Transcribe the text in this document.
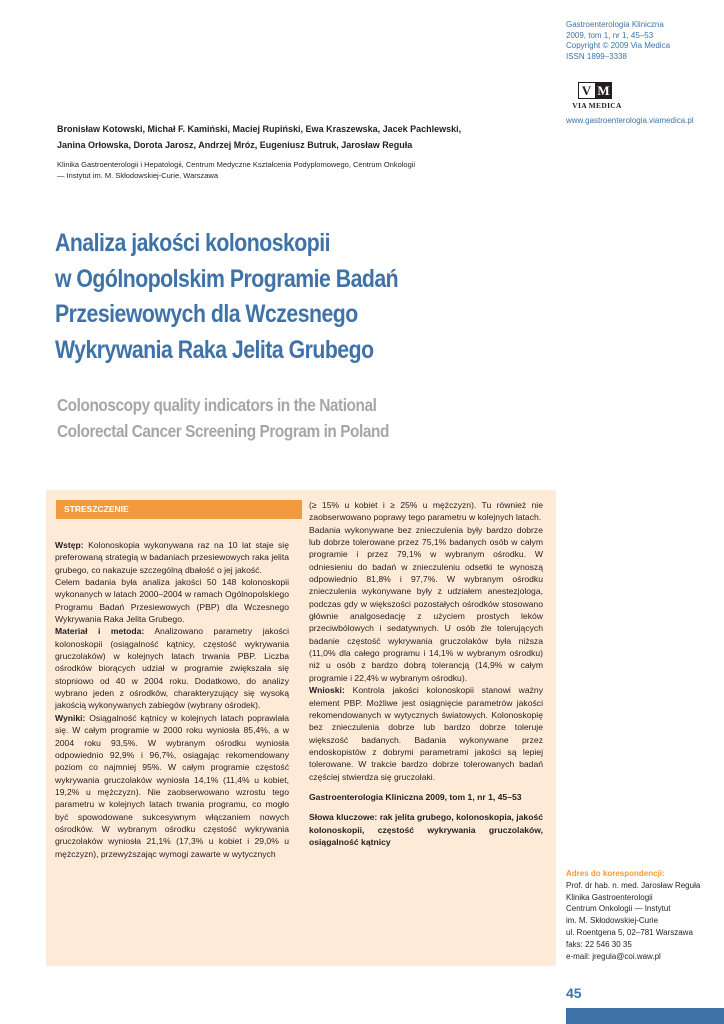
Gastroenterologia Kliniczna
2009, tom 1, nr 1, 45–53
Copyright © 2009 Via Medica
ISSN 1899–3338
V M
VIA MEDICA
www.gastroenterologia.viamedica.pl
Bronisław Kotowski, Michał F. Kamiński, Maciej Rupiński, Ewa Kraszewska, Jacek Pachlewski,
Janina Orłowska, Dorota Jarosz, Andrzej Mróz, Eugeniusz Butruk, Jarosław Reguła
Klinika Gastroenterologii i Hepatologii, Centrum Medyczne Kształcenia Podyplomowego, Centrum Onkologii
— Instytut im. M. Skłodowskiej-Curie, Warszawa
Analiza jakości kolonoskopii
w Ogólnopolskim Programie Badań
Przesiewowych dla Wczesnego
Wykrywania Raka Jelita Grubego
Colonoscopy quality indicators in the National
Colorectal Cancer Screening Program in Poland
STRESZCZENIE

Wstęp: Kolonoskopia wykonywana raz na 10 lat staje się preferowaną strategią w badaniach przesiewowych raka jelita grubego, co nakazuje szczególną dbałość o jej jakość.

Celem badania była analiza jakości 50 148 kolonoskopii wykonanych w latach 2000–2004 w ramach Ogólnopolskiego Programu Badań Przesiewowych (PBP) dla Wczesnego Wykrywania Raka Jelita Grubego.

Materiał i metoda: Analizowano parametry jakości kolonoskopii (osiągalność kątnicy, częstość wykrywania gruczolaków) w kolejnych latach trwania PBP. Liczba ośrodków biorących udział w programie zwiększała się stopniowo od 40 w 2004 roku. Dodatkowo, do analizy wybrano jeden z ośrodków, charakteryzujący się wysoką jakością wykonywanych zabiegów (wybrany ośrodek).

Wyniki: Osiągalność kątnicy w kolejnych latach poprawiała się. W całym programie w 2000 roku wyniosła 85,4%, a w 2004 roku 93,5%. W wybranym ośrodku wyniosła odpowiednio 92,9% i 96,7%, osiągając rekomendowany poziom co najmniej 95%. W całym programie częstość wykrywania gruczolaków wyniosła 14,1% (11,4% u kobiet, 19,2% u mężczyzn). Nie zaobserwowano wzrostu tego parametru w kolejnych latach trwania programu, co mogło być spowodowane sukcesywnym włączaniem nowych ośrodków. W wybranym ośrodku częstość wykrywania gruczolaków wyniosła 21,1% (17,3% u kobiet i 29,0% u mężczyzn), przewyższając wymogi zawarte w wytycznych

(≥ 15% u kobiet i ≥ 25% u mężczyzn). Tu również nie zaobserwowano poprawy tego parametru w kolejnych latach.

Badania wykonywane bez znieczulenia były bardzo dobrze lub dobrze tolerowane przez 75,1% badanych osób w całym programie i przez 79,1% w wybranym ośrodku. W odniesieniu do badań w znieczuleniu odsetki te wynoszą odpowiednio 81,8% i 97,7%. W wybranym ośrodku znieczulenia wykonywane były z udziałem anestezjologa, podczas gdy w większości pozostałych ośrodków stosowano głównie analgosedację z użyciem prostych leków przeciwbólowych i sedatywnych. U osób źle tolerujących badanie częstość wykrywania gruczolaków była niższa (11,0% dla całego programu i 14,1% w wybranym ośrodku) niż u osób z bardzo dobrą tolerancją (14,9% w całym programie i 22,4% w wybranym ośrodku).

Wnioski: Kontrola jakości kolonoskopii stanowi ważny element PBP. Możliwe jest osiągnięcie parametrów jakości rekomendowanych w wytycznych światowych. Kolonoskopię bez znieczulenia dobrze lub bardzo dobrze toleruje większość badanych. Badania wykonywane przez endoskopistów z dobrymi parametrami jakości są lepiej tolerowane. W trakcie bardzo dobrze tolerowanych badań częściej stwierdza się gruczolaki.

Gastroenterologia Kliniczna 2009, tom 1, nr 1, 45–53

Słowa kluczowe: rak jelita grubego, kolonoskopia, jakość kolonoskopii, częstość wykrywania gruczolaków, osiągalność kątnicy

Adres do korespondencji:
Prof. dr hab. n. med. Jarosław Reguła
Klinika Gastroenterologii
Centrum Onkologii — Instytut
im. M. Skłodowskiej-Curie
ul. Roentgena 5, 02–781 Warszawa
faks: 22 546 30 35
e-mail: jregula@coi.waw.pl
45
